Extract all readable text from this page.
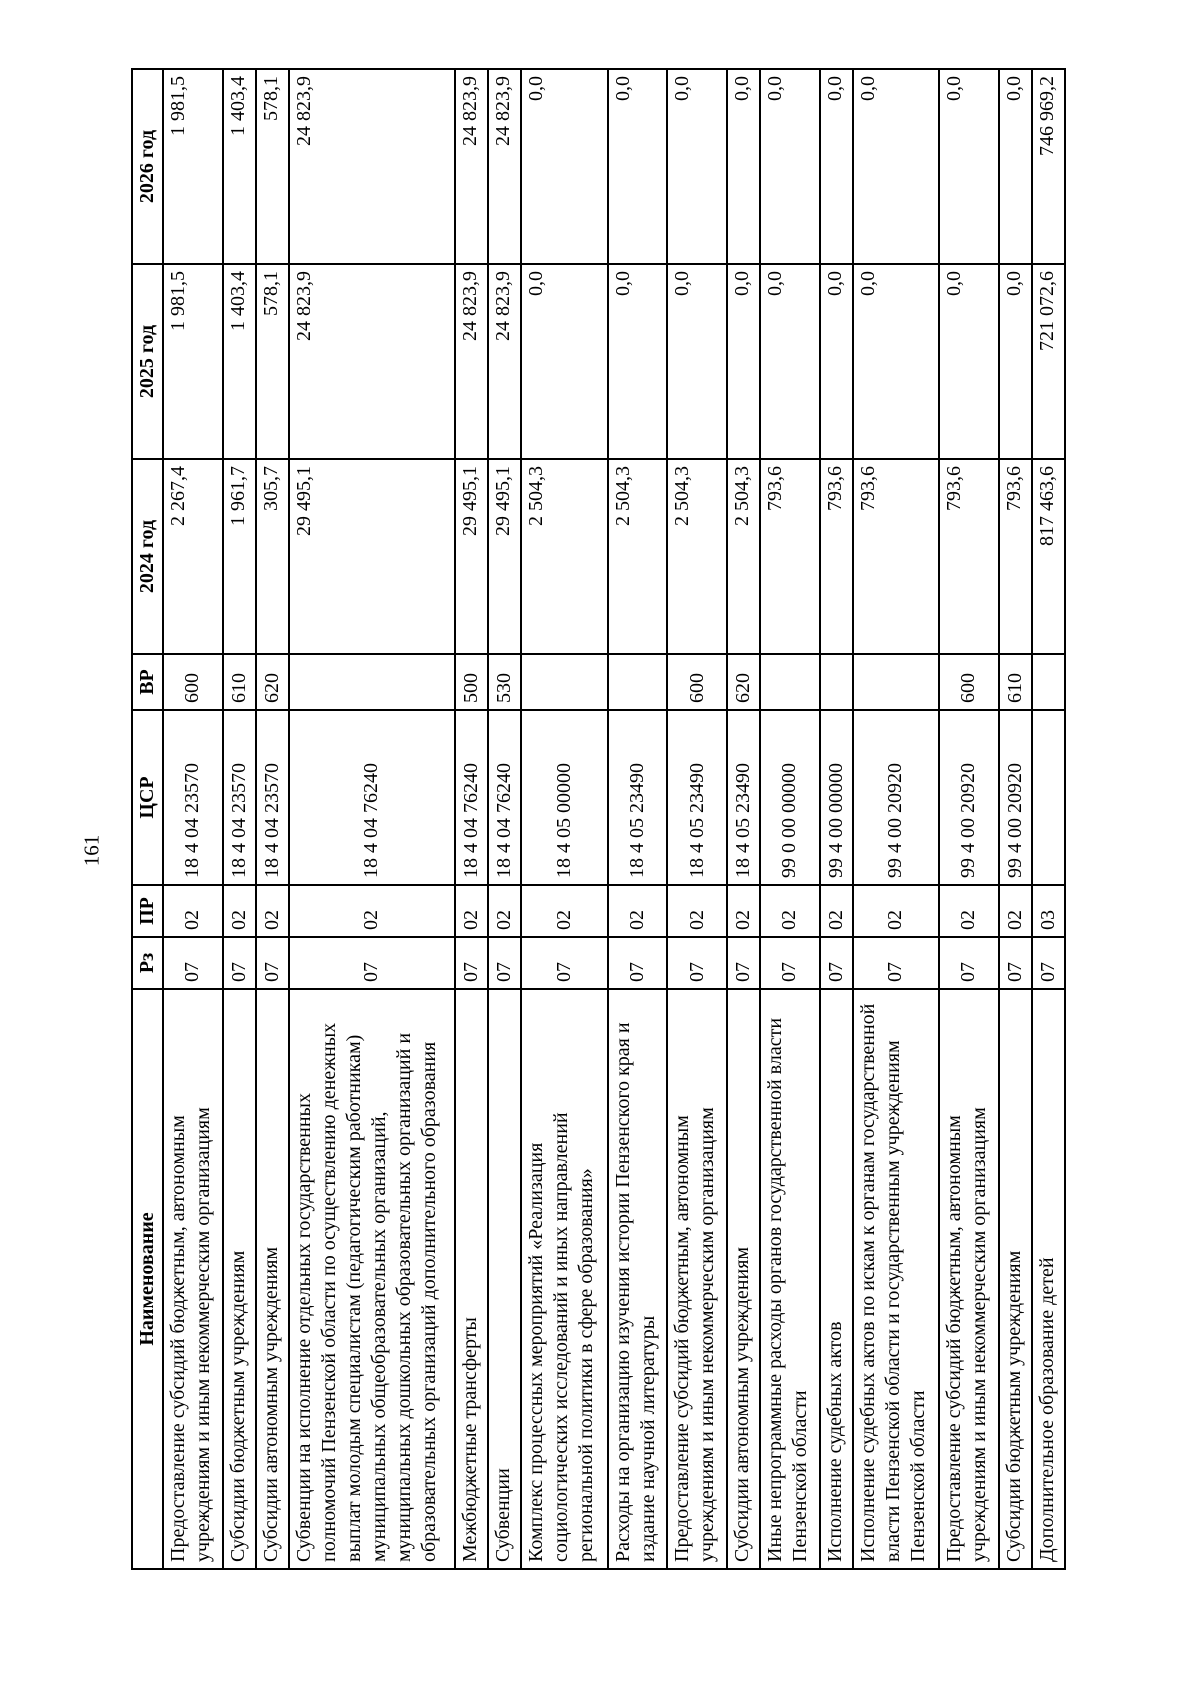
161
Наименование	Рз	ПР	ЦСР	ВР	2024 год	2025 год	2026 год
Предоставление субсидий бюджетным, автономным учреждениям и иным некоммерческим организациям	07	02	18 4 04 23570	600	2 267,4	1 981,5	1 981,5
Субсидии бюджетным учреждениям	07	02	18 4 04 23570	610	1 961,7	1 403,4	1 403,4
Субсидии автономным учреждениям	07	02	18 4 04 23570	620	305,7	578,1	578,1
Субвенции на исполнение отдельных государственных полномочий Пензенской области по осуществлению денежных выплат молодым специалистам (педагогическим работникам) муниципальных общеобразовательных организаций, муниципальных дошкольных образовательных организаций и образовательных организаций дополнительного образования	07	02	18 4 04 76240		29 495,1	24 823,9	24 823,9
Межбюджетные трансферты	07	02	18 4 04 76240	500	29 495,1	24 823,9	24 823,9
Субвенции	07	02	18 4 04 76240	530	29 495,1	24 823,9	24 823,9
Комплекс процессных мероприятий «Реализация социологических исследований и иных направлений региональной политики в сфере образования»	07	02	18 4 05 00000		2 504,3	0,0	0,0
Расходы на организацию изучения истории Пензенского края и издание научной литературы	07	02	18 4 05 23490		2 504,3	0,0	0,0
Предоставление субсидий бюджетным, автономным учреждениям и иным некоммерческим организациям	07	02	18 4 05 23490	600	2 504,3	0,0	0,0
Субсидии автономным учреждениям	07	02	18 4 05 23490	620	2 504,3	0,0	0,0
Иные непрограммные расходы органов государственной власти Пензенской области	07	02	99 0 00 00000		793,6	0,0	0,0
Исполнение судебных актов	07	02	99 4 00 00000		793,6	0,0	0,0
Исполнение судебных актов по искам к органам государственной власти Пензенской области и государственным учреждениям Пензенской области	07	02	99 4 00 20920		793,6	0,0	0,0
Предоставление субсидий бюджетным, автономным учреждениям и иным некоммерческим организациям	07	02	99 4 00 20920	600	793,6	0,0	0,0
Субсидии бюджетным учреждениям	07	02	99 4 00 20920	610	793,6	0,0	0,0
Дополнительное образование детей	07	03			817 463,6	721 072,6	746 969,2
